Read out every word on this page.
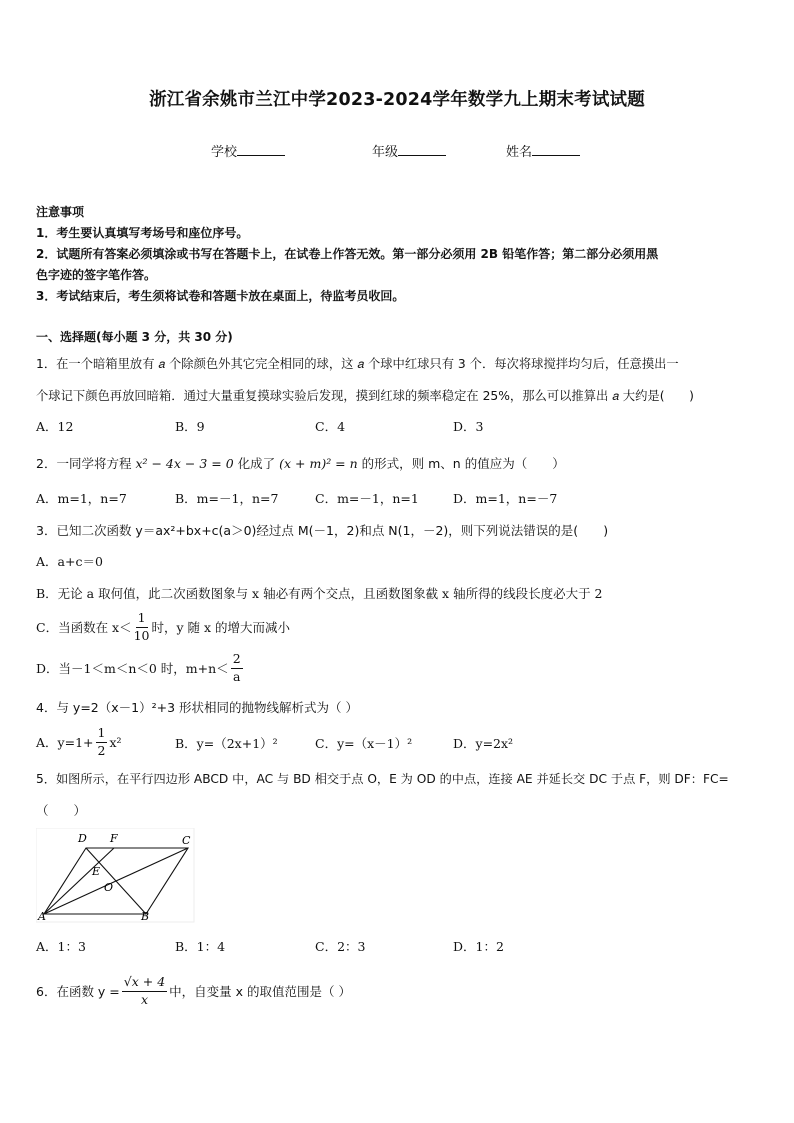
浙江省余姚市兰江中学2023-2024学年数学九上期末考试试题
学校	年级	姓名
注意事项
1．考生要认真填写考场号和座位序号。
2．试题所有答案必须填涂或书写在答题卡上，在试卷上作答无效。第一部分必须用 2B 铅笔作答；第二部分必须用黑
色字迹的签字笔作答。
3．考试结束后，考生须将试卷和答题卡放在桌面上，待监考员收回。
一、选择题(每小题 3 分，共 30 分)
1．在一个暗箱里放有 𝑎 个除颜色外其它完全相同的球，这 𝑎 个球中红球只有 3 个．每次将球搅拌均匀后，任意摸出一
个球记下颜色再放回暗箱．通过大量重复摸球实验后发现，摸到红球的频率稳定在 25%，那么可以推算出 𝑎 大约是(　　)
A．12	B．9	C．4	D．3
2．一同学将方程 x² − 4x − 3 = 0 化成了 (x + m)² = n 的形式，则 m、n 的值应为（　　）
A．m=1，n=7	B．m=－1，n=7	C．m=－1，n=1	D．m=1，n=－7
3．已知二次函数 y＝ax²+bx+c(a＞0)经过点 M(－1，2)和点 N(1，－2)，则下列说法错误的是(　　)
A．a+c＝0
B．无论 a 取何值，此二次函数图象与 x 轴必有两个交点，且函数图象截 x 轴所得的线段长度必大于 2
C．当函数在 $x< \frac{1}{10}$ 时，y 随 x 的增大而减小
D．当－1＜m＜n＜0 时，$m+n< \frac{2}{a}$
4．与 y=2（x－1）²+3 形状相同的抛物线解析式为（ ）
A．$y=1+ \frac{1}{2} x^2$	B．y=（2x+1）²	C．y=（x－1）²	D．y=2x²
5．如图所示，在平行四边形 ABCD 中，AC 与 BD 相交于点 O，E 为 OD 的中点，连接 AE 并延长交 DC 于点 F，则 DF：FC=
（　　）
A	B
C
D F
E
O
A．1：3	B．1：4	C．2：3	D．1：2
6．在函数 $y = \frac{√x + 4}{x}$ 中，自变量 x 的取值范围是（ ）
